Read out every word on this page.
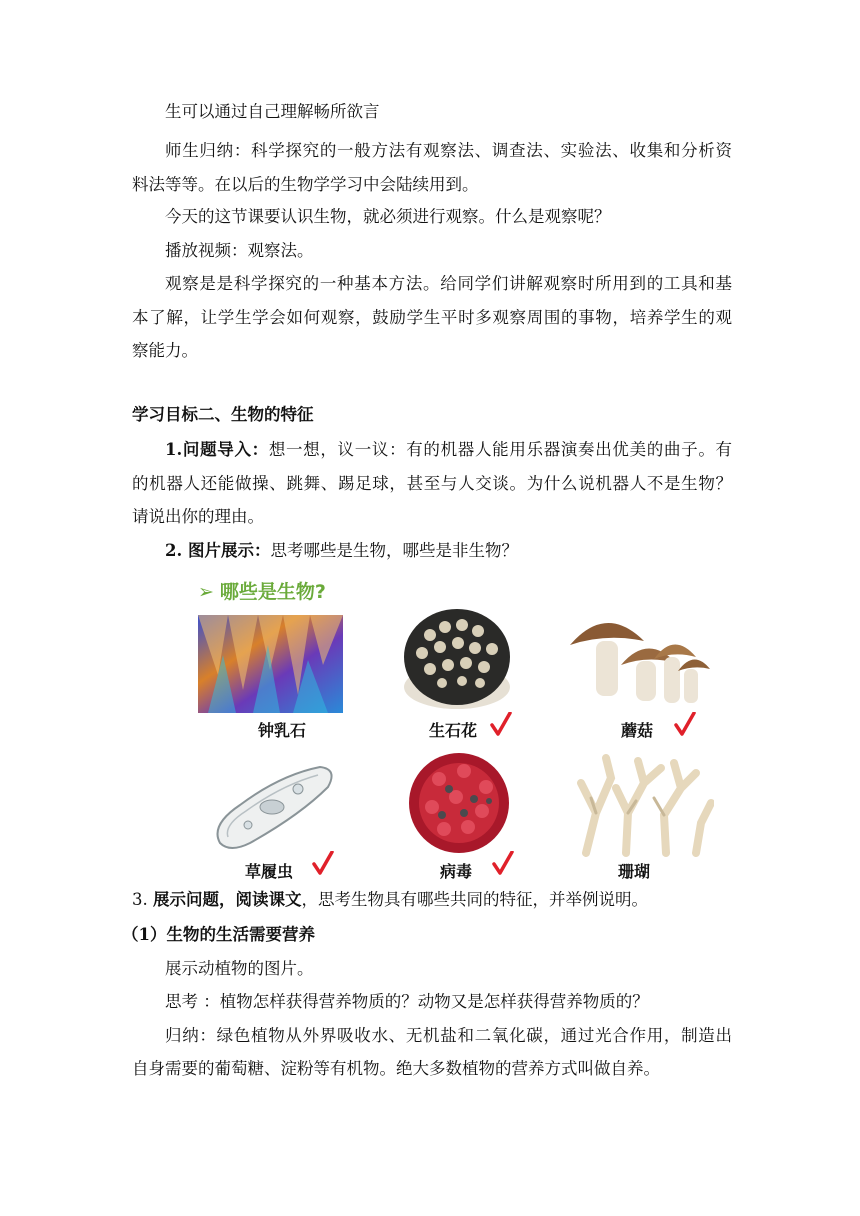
生可以通过自己理解畅所欲言
师生归纳：科学探究的一般方法有观察法、调查法、实验法、收集和分析资
料法等等。在以后的生物学学习中会陆续用到。
今天的这节课要认识生物，就必须进行观察。什么是观察呢？
播放视频：观察法。
观察是是科学探究的一种基本方法。给同学们讲解观察时所用到的工具和基
本了解，让学生学会如何观察，鼓励学生平时多观察周围的事物，培养学生的观
察能力。
学习目标二、生物的特征
1.问题导入：想一想，议一议：有的机器人能用乐器演奏出优美的曲子。有
的机器人还能做操、跳舞、踢足球，甚至与人交谈。为什么说机器人不是生物？
请说出你的理由。
2. 图片展示：思考哪些是生物，哪些是非生物？
➢ 哪些是生物?
钟乳石	生石花	蘑菇
草履虫	病毒	珊瑚
3. 展示问题，阅读课文，思考生物具有哪些共同的特征，并举例说明。
（1）生物的生活需要营养
展示动植物的图片。
思考 ：植物怎样获得营养物质的？动物又是怎样获得营养物质的？
归纳：绿色植物从外界吸收水、无机盐和二氧化碳，通过光合作用，制造出
自身需要的葡萄糖、淀粉等有机物。绝大多数植物的营养方式叫做自养。
